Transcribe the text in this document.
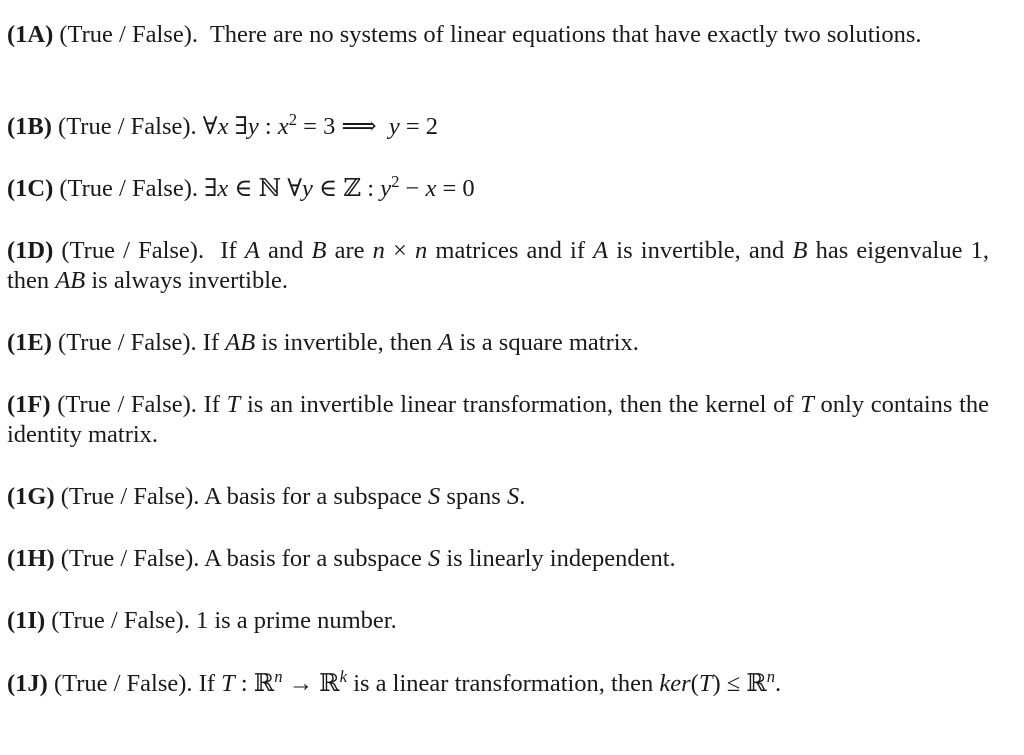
(1A) (True / False). There are no systems of linear equations that have exactly two solutions.
(1B) (True / False). ∀x ∃y : $x^2 = 3$ ⟹ y = 2
(1C) (True / False). ∃x ∈ ℕ ∀y ∈ ℤ : $y^2 - x = 0$
(1D) (True / False). If A and B are n × n matrices and if A is invertible, and B has eigenvalue 1, then AB is always invertible.
(1E) (True / False). If AB is invertible, then A is a square matrix.
(1F) (True / False). If T is an invertible linear transformation, then the kernel of T only contains the identity matrix.
(1G) (True / False). A basis for a subspace S spans S.
(1H) (True / False). A basis for a subspace S is linearly independent.
(1I) (True / False). 1 is a prime number.
(1J) (True / False). If T : ℝ$^n$ → ℝ$^k$ is a linear transformation, then ker(T) ≤ ℝ$^n$.
